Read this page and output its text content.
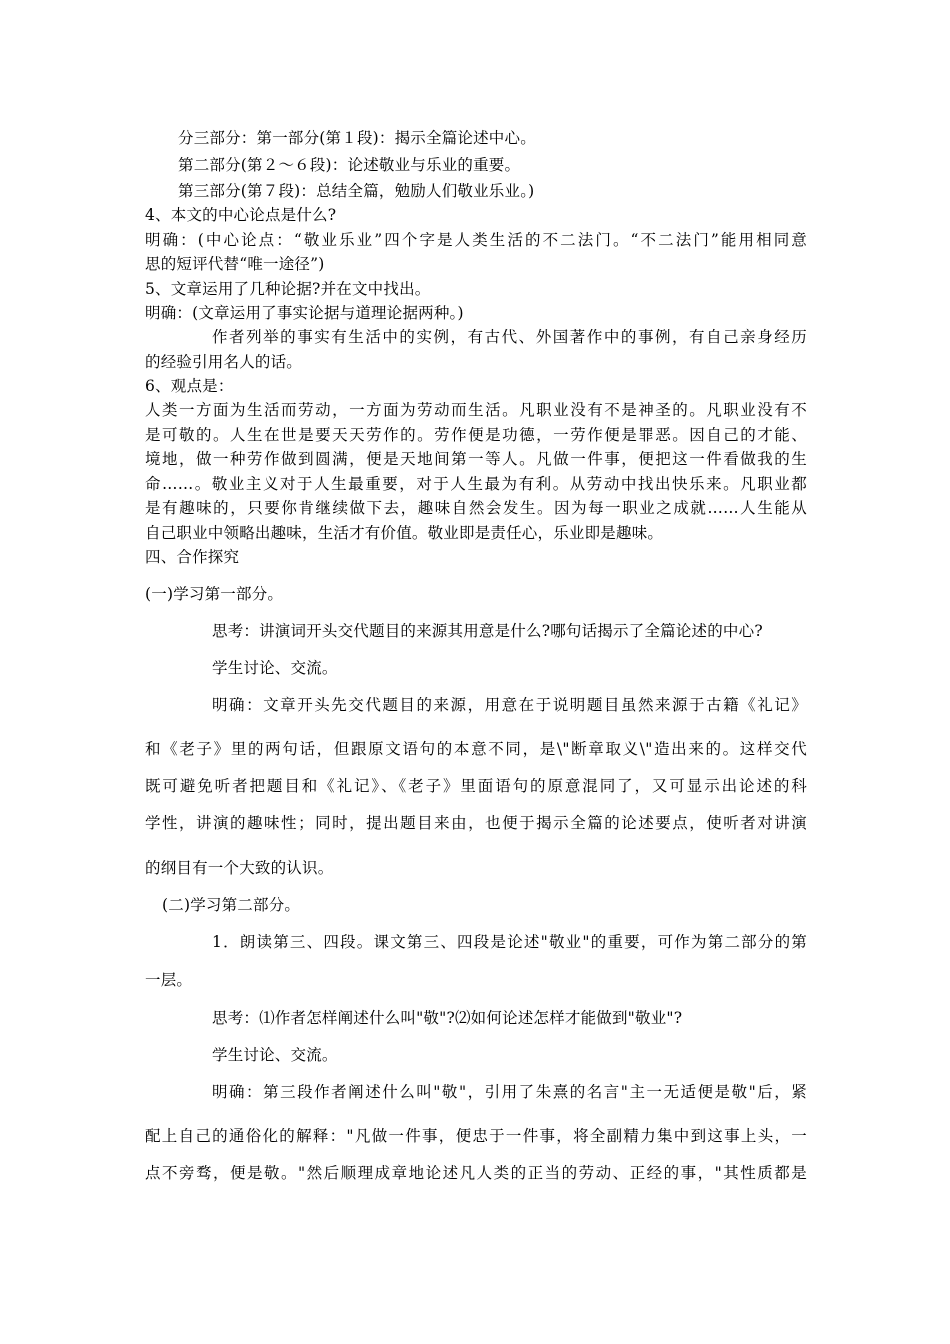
分三部分：第一部分(第１段)：揭示全篇论述中心。
第二部分(第２～６段)：论述敬业与乐业的重要。
第三部分(第７段)：总结全篇，勉励人们敬业乐业。)
4、本文的中心论点是什么?
明确：(中心论点：“敬业乐业”四个字是人类生活的不二法门。“不二法门”能用相同意
思的短评代替“唯一途径”)
5、文章运用了几种论据?并在文中找出。
明确：(文章运用了事实论据与道理论据两种。)
作者列举的事实有生活中的实例，有古代、外国著作中的事例，有自己亲身经历
的经验引用名人的话。
6、观点是：
人类一方面为生活而劳动，一方面为劳动而生活。凡职业没有不是神圣的。凡职业没有不
是可敬的。人生在世是要天天劳作的。劳作便是功德，一劳作便是罪恶。因自己的才能、
境地，做一种劳作做到圆满，便是天地间第一等人。凡做一件事，便把这一件看做我的生
命……。敬业主义对于人生最重要，对于人生最为有利。从劳动中找出快乐来。凡职业都
是有趣味的，只要你肯继续做下去，趣味自然会发生。因为每一职业之成就……人生能从
自己职业中领略出趣味，生活才有价值。敬业即是责任心，乐业即是趣味。
四、合作探究
(一)学习第一部分。
思考：讲演词开头交代题目的来源其用意是什么?哪句话揭示了全篇论述的中心?
学生讨论、交流。
明确：文章开头先交代题目的来源，用意在于说明题目虽然来源于古籍《礼记》
和《老子》里的两句话，但跟原文语句的本意不同，是\"断章取义\"造出来的。这样交代
既可避免听者把题目和《礼记》、《老子》里面语句的原意混同了，又可显示出论述的科
学性，讲演的趣味性；同时，提出题目来由，也便于揭示全篇的论述要点，使听者对讲演
的纲目有一个大致的认识。
(二)学习第二部分。
1．朗读第三、四段。课文第三、四段是论述"敬业"的重要，可作为第二部分的第
一层。
思考：⑴作者怎样阐述什么叫"敬"?⑵如何论述怎样才能做到"敬业"?
学生讨论、交流。
明确：第三段作者阐述什么叫"敬"，引用了朱熹的名言"主一无适便是敬"后，紧
配上自己的通俗化的解释："凡做一件事，便忠于一件事，将全副精力集中到这事上头，一
点不旁骛，便是敬。"然后顺理成章地论述凡人类的正当的劳动、正经的事，"其性质都是
